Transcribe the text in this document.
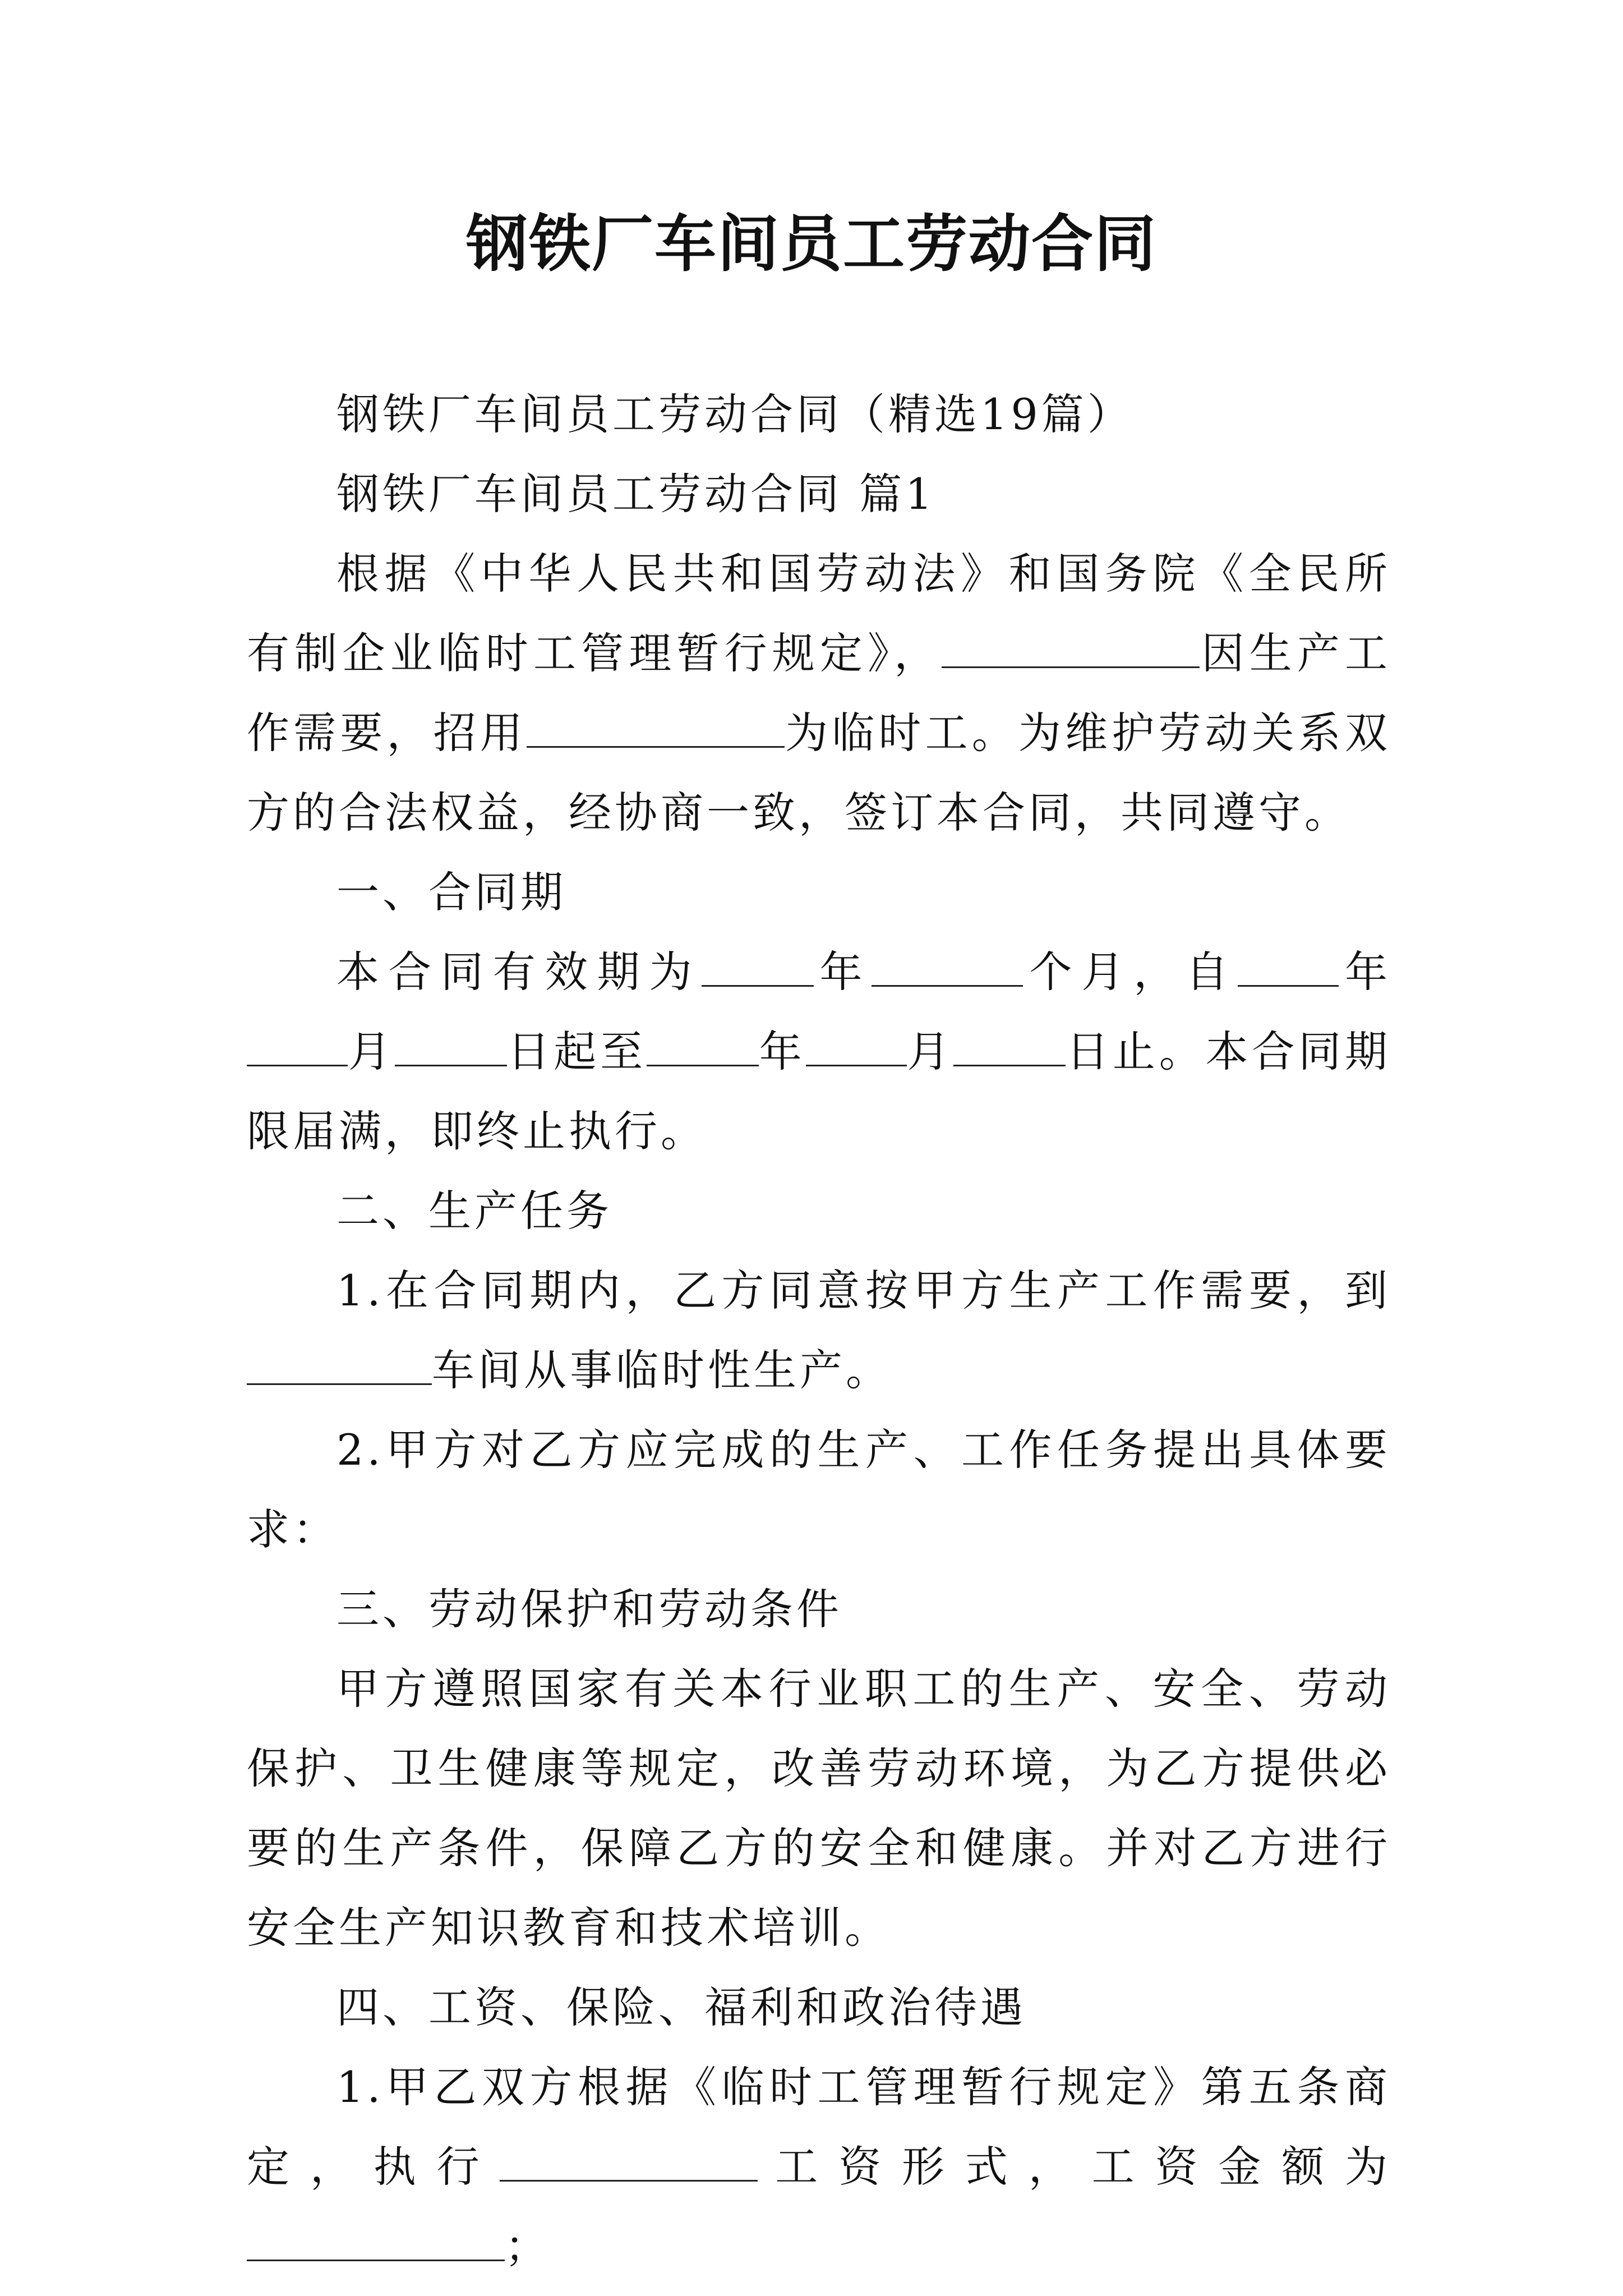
钢铁厂车间员工劳动合同

钢铁厂车间员工劳动合同（精选19篇）

钢铁厂车间员工劳动合同 篇1

根据《中华人民共和国劳动法》和国务院《全民所有制企业临时工管理暂行规定》，	因生产工作需要，招用	为临时工。为维护劳动关系双方的合法权益，经协商一致，签订本合同，共同遵守。

一、合同期

本合同有效期为	年	个月，自 年月	日起至	年 月	日止。本合同期限届满，即终止执行。

二、生产任务

1.在合同期内，乙方同意按甲方生产工作需要，到车间从事临时性生产。

2.甲方对乙方应完成的生产、工作任务提出具体要求：

三、劳动保护和劳动条件

甲方遵照国家有关本行业职工的生产、安全、劳动保护、卫生健康等规定，改善劳动环境，为乙方提供必要的生产条件，保障乙方的安全和健康。并对乙方进行安全生产知识教育和技术培训。

四、工资、保险、福利和政治待遇

1.甲乙双方根据《临时工管理暂行规定》第五条商定，执行	工资形式，工资金额为；
